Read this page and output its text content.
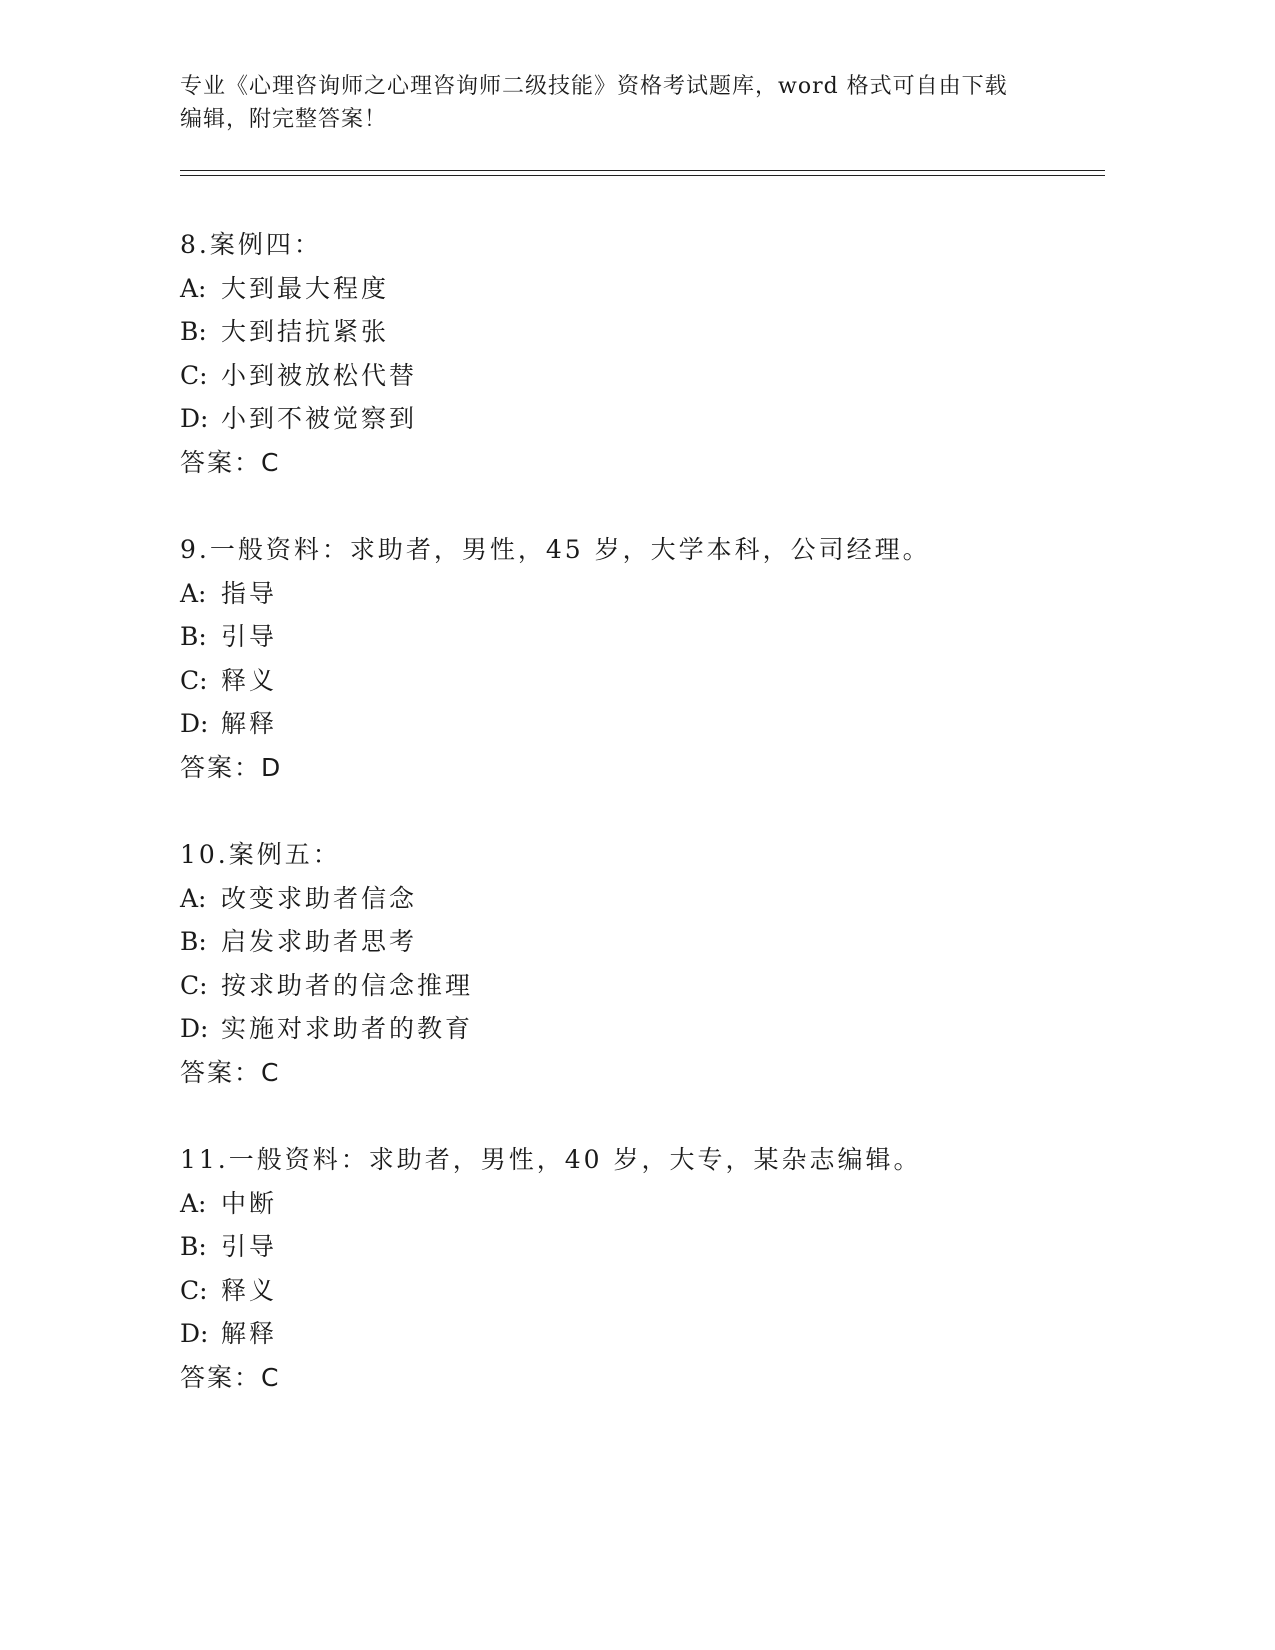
专业《心理咨询师之心理咨询师二级技能》资格考试题库，word 格式可自由下载
编辑，附完整答案！
8.案例四：
A: 大到最大程度
B: 大到拮抗紧张
C: 小到被放松代替
D: 小到不被觉察到
答案：C
9.一般资料：求助者，男性，45 岁，大学本科，公司经理。
A: 指导
B: 引导
C: 释义
D: 解释
答案：D
10.案例五：
A: 改变求助者信念
B: 启发求助者思考
C: 按求助者的信念推理
D: 实施对求助者的教育
答案：C
11.一般资料：求助者，男性，40 岁，大专，某杂志编辑。
A: 中断
B: 引导
C: 释义
D: 解释
答案：C
